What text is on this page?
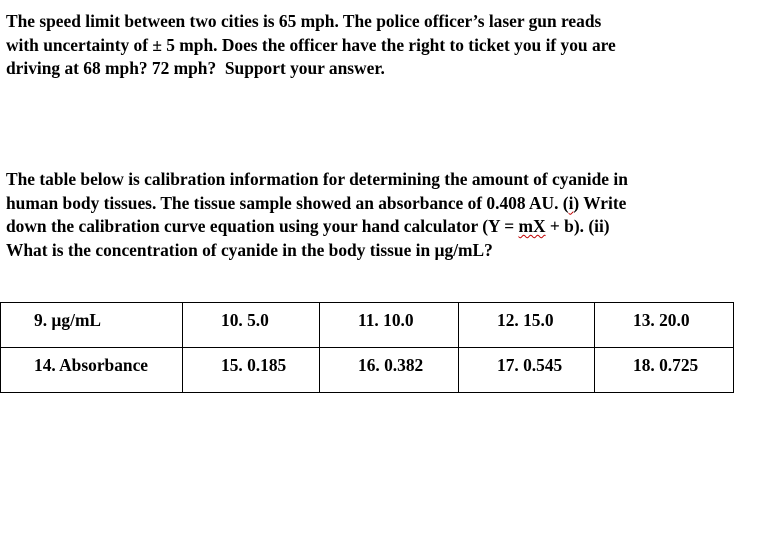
The speed limit between two cities is 65 mph. The police officer’s laser gun reads
with uncertainty of ± 5 mph. Does the officer have the right to ticket you if you are
driving at 68 mph? 72 mph?  Support your answer.
The table below is calibration information for determining the amount of cyanide in
human body tissues. The tissue sample showed an absorbance of 0.408 AU. (i) Write
down the calibration curve equation using your hand calculator (Y = mX + b). (ii)
What is the concentration of cyanide in the body tissue in µg/mL?
9. µg/mL	10. 5.0	11. 10.0	12. 15.0	13. 20.0
14. Absorbance	15. 0.185	16. 0.382	17. 0.545	18. 0.725
